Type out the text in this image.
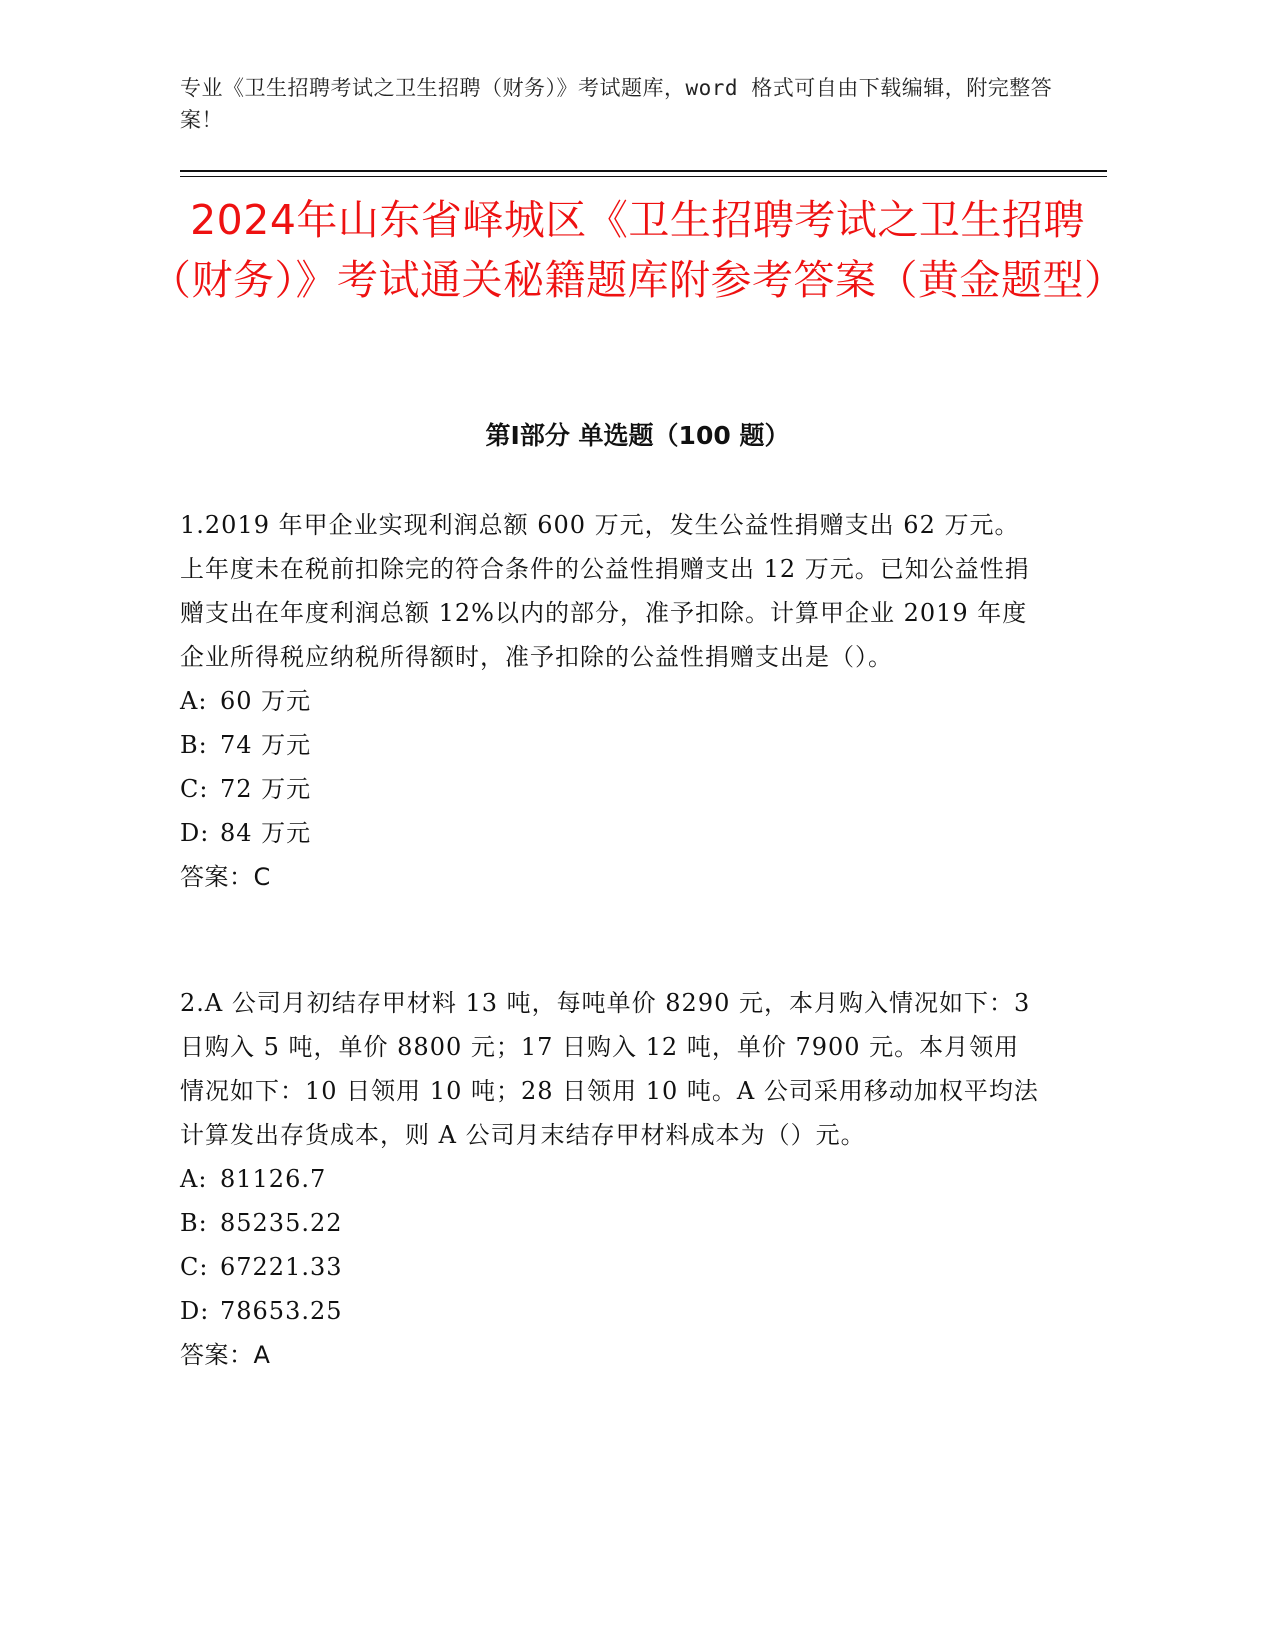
专业《卫生招聘考试之卫生招聘（财务）》考试题库，word 格式可自由下载编辑，附完整答案！
2024年山东省峄城区《卫生招聘考试之卫生招聘（财务）》考试通关秘籍题库附参考答案（黄金题型）
第Ⅰ部分 单选题（100 题）

1.2019 年甲企业实现利润总额 600 万元，发生公益性捐赠支出 62 万元。上年度未在税前扣除完的符合条件的公益性捐赠支出 12 万元。已知公益性捐赠支出在年度利润总额 12%以内的部分，准予扣除。计算甲企业 2019 年度企业所得税应纳税所得额时，准予扣除的公益性捐赠支出是（）。

A: 60 万元

B: 74 万元

C: 72 万元

D: 84 万元

答案：C

2.A 公司月初结存甲材料 13 吨，每吨单价 8290 元，本月购入情况如下：3 日购入 5 吨，单价 8800 元；17 日购入 12 吨，单价 7900 元。本月领用情况如下：10 日领用 10 吨；28 日领用 10 吨。A 公司采用移动加权平均法计算发出存货成本，则 A 公司月末结存甲材料成本为（）元。

A: 81126.7

B: 85235.22

C: 67221.33

D: 78653.25

答案：A
